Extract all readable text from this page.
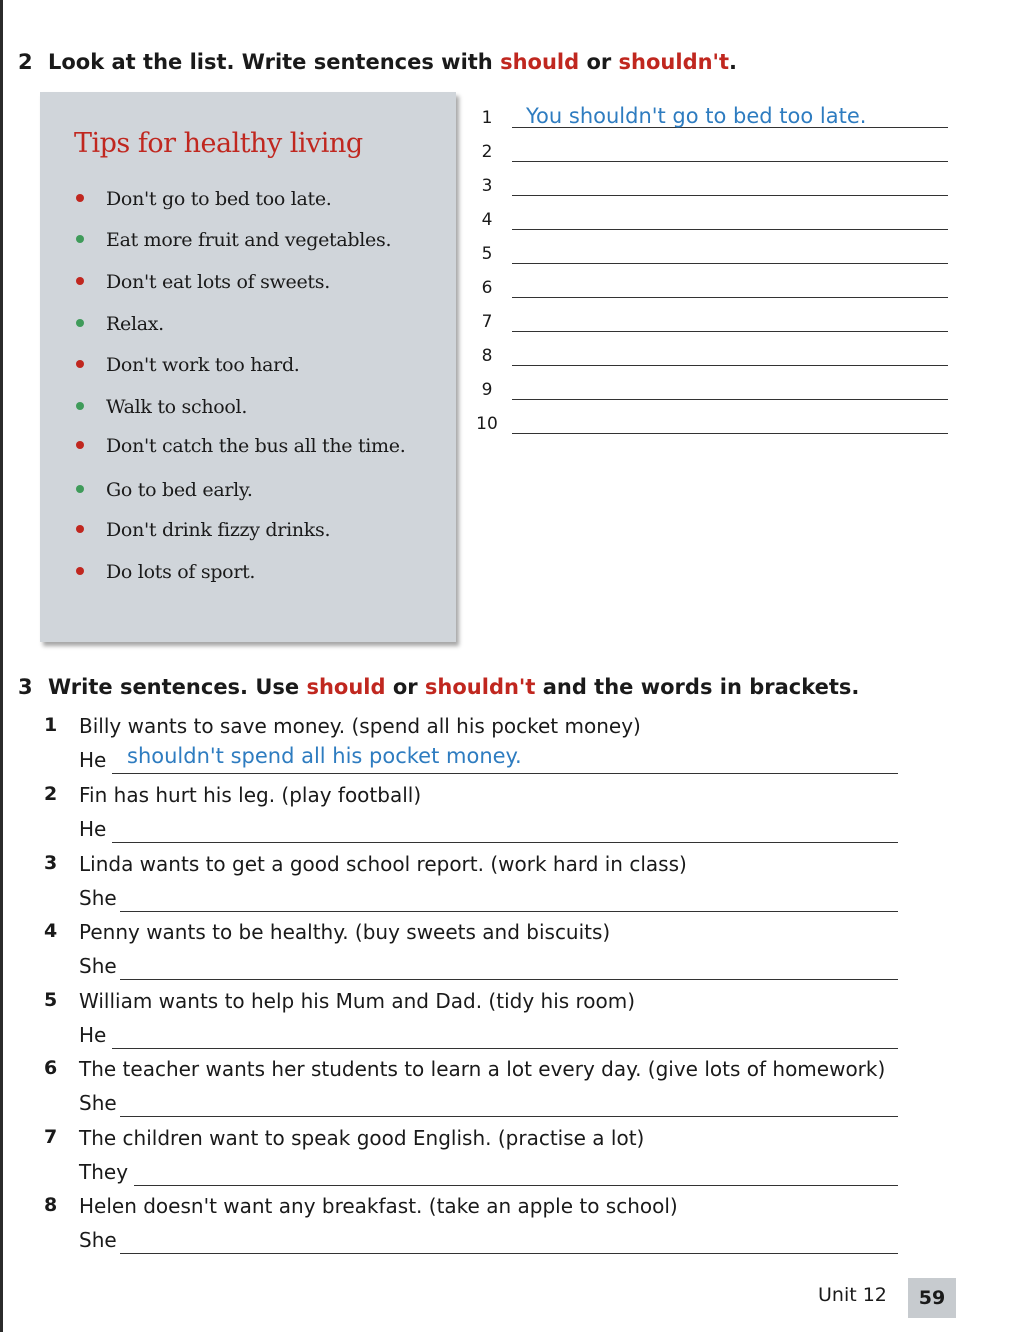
2 Look at the list. Write sentences with should or shouldn't.
Tips for healthy living
Don't go to bed too late.
Eat more fruit and vegetables.
Don't eat lots of sweets.
Relax.
Don't work too hard.
Walk to school.
Don't catch the bus all the time.
Go to bed early.
Don't drink fizzy drinks.
Do lots of sport.
1	You shouldn't go to bed too late.
2
3
4
5
6
7
8
9
10
3 Write sentences. Use should or shouldn't and the words in brackets.
1 Billy wants to save money. (spend all his pocket money)
He shouldn't spend all his pocket money.
2 Fin has hurt his leg. (play football)
He
3 Linda wants to get a good school report. (work hard in class)
She
4 Penny wants to be healthy. (buy sweets and biscuits)
She
5 William wants to help his Mum and Dad. (tidy his room)
He
6 The teacher wants her students to learn a lot every day. (give lots of homework)
She
7 The children want to speak good English. (practise a lot)
They
8 Helen doesn't want any breakfast. (take an apple to school)
She
Unit 12	59
